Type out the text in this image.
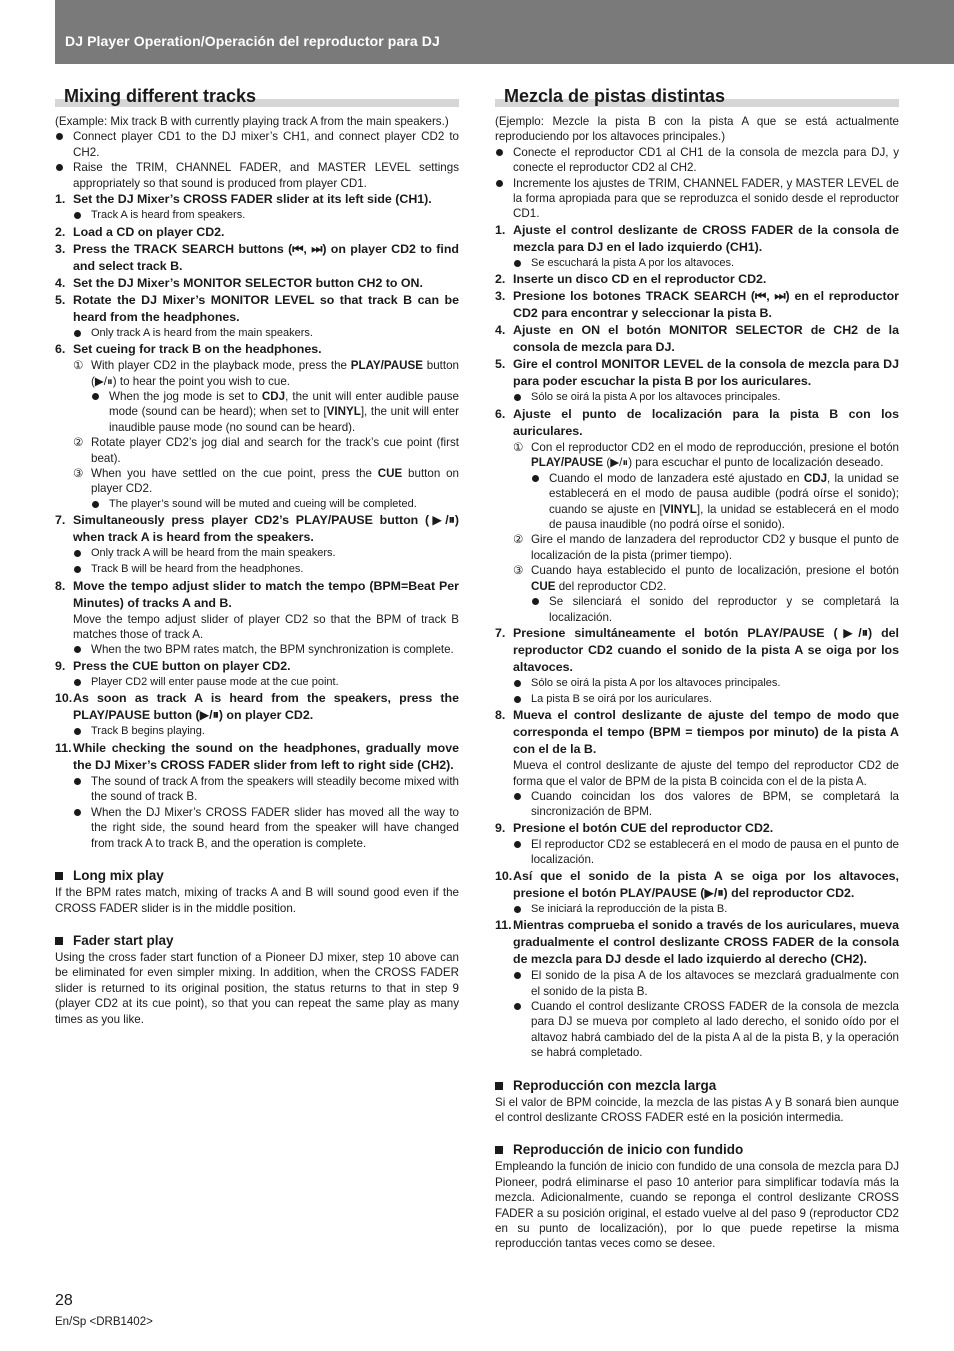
DJ Player Operation/Operación del reproductor para DJ
Mixing different tracks

(Example: Mix track B with currently playing track A from the main speakers.)

Connect player CD1 to the DJ mixer’s CH1, and connect player CD2 to CH2.

Raise the TRIM, CHANNEL FADER, and MASTER LEVEL settings appropriately so that sound is produced from player CD1.

1. Set the DJ Mixer’s CROSS FADER slider at its left side (CH1).

Track A is heard from speakers.

2. Load a CD on player CD2.
3. Press the TRACK SEARCH buttons (⏮, ⏭) on player CD2 to find and select track B.
4. Set the DJ Mixer’s MONITOR SELECTOR button CH2 to ON.
5. Rotate the DJ Mixer’s MONITOR LEVEL so that track B can be heard from the headphones.

Only track A is heard from the main speakers.

6. Set cueing for track B on the headphones.

① With player CD2 in the playback mode, press the PLAY/PAUSE button (▶/⏸) to hear the point you wish to cue.

When the jog mode is set to CDJ, the unit will enter audible pause mode (sound can be heard); when set to [VINYL], the unit will enter inaudible pause mode (no sound can be heard).

② Rotate player CD2’s jog dial and search for the track’s cue point (first beat).

③ When you have settled on the cue point, press the CUE button on player CD2.

The player’s sound will be muted and cueing will be completed.

7. Simultaneously press player CD2’s PLAY/PAUSE button (▶/⏸) when track A is heard from the speakers.

Only track A will be heard from the main speakers.

Track B will be heard from the headphones.

8. Move the tempo adjust slider to match the tempo (BPM=Beat Per Minutes) of tracks A and B.

Move the tempo adjust slider of player CD2 so that the BPM of track B matches those of track A.

When the two BPM rates match, the BPM synchronization is complete.

9. Press the CUE button on player CD2.

Player CD2 will enter pause mode at the cue point.

10. As soon as track A is heard from the speakers, press the PLAY/PAUSE button (▶/⏸) on player CD2.

Track B begins playing.

11. While checking the sound on the headphones, gradually move the DJ Mixer’s CROSS FADER slider from left to right side (CH2).

The sound of track A from the speakers will steadily become mixed with the sound of track B.

When the DJ Mixer’s CROSS FADER slider has moved all the way to the right side, the sound heard from the speaker will have changed from track A to track B, and the operation is complete.

Long mix play

If the BPM rates match, mixing of tracks A and B will sound good even if the CROSS FADER slider is in the middle position.

Fader start play

Using the cross fader start function of a Pioneer DJ mixer, step 10 above can be eliminated for even simpler mixing. In addition, when the CROSS FADER slider is returned to its original position, the status returns to that in step 9 (player CD2 at its cue point), so that you can repeat the same play as many times as you like.

Mezcla de pistas distintas

(Ejemplo: Mezcle la pista B con la pista A que se está actualmente reproduciendo por los altavoces principales.)

Conecte el reproductor CD1 al CH1 de la consola de mezcla para DJ, y conecte el reproductor CD2 al CH2.

Incremente los ajustes de TRIM, CHANNEL FADER, y MASTER LEVEL de la forma apropiada para que se reproduzca el sonido desde el reproductor CD1.

1. Ajuste el control deslizante de CROSS FADER de la consola de mezcla para DJ en el lado izquierdo (CH1).

Se escuchará la pista A por los altavoces.

2. Inserte un disco CD en el reproductor CD2.
3. Presione los botones TRACK SEARCH (⏮, ⏭) en el reproductor CD2 para encontrar y seleccionar la pista B.
4. Ajuste en ON el botón MONITOR SELECTOR de CH2 de la consola de mezcla para DJ.
5. Gire el control MONITOR LEVEL de la consola de mezcla para DJ para poder escuchar la pista B por los auriculares.

Sólo se oirá la pista A por los altavoces principales.

6. Ajuste el punto de localización para la pista B con los auriculares.

① Con el reproductor CD2 en el modo de reproducción, presione el botón PLAY/PAUSE (▶/⏸) para escuchar el punto de localización deseado.

Cuando el modo de lanzadera esté ajustado en CDJ, la unidad se establecerá en el modo de pausa audible (podrá oírse el sonido); cuando se ajuste en [VINYL], la unidad se establecerá en el modo de pausa inaudible (no podrá oírse el sonido).

② Gire el mando de lanzadera del reproductor CD2 y busque el punto de localización de la pista (primer tiempo).

③ Cuando haya establecido el punto de localización, presione el botón CUE del reproductor CD2.

Se silenciará el sonido del reproductor y se completará la localización.

7. Presione simultáneamente el botón PLAY/PAUSE (▶/⏸) del reproductor CD2 cuando el sonido de la pista A se oiga por los altavoces.

Sólo se oirá la pista A por los altavoces principales.

La pista B se oirá por los auriculares.

8. Mueva el control deslizante de ajuste del tempo de modo que corresponda el tempo (BPM = tiempos por minuto) de la pista A con el de la B.

Mueva el control deslizante de ajuste del tempo del reproductor CD2 de forma que el valor de BPM de la pista B coincida con el de la pista A.

Cuando coincidan los dos valores de BPM, se completará la sincronización de BPM.

9. Presione el botón CUE del reproductor CD2.

El reproductor CD2 se establecerá en el modo de pausa en el punto de localización.

10. Así que el sonido de la pista A se oiga por los altavoces, presione el botón PLAY/PAUSE (▶/⏸) del reproductor CD2.

Se iniciará la reproducción de la pista B.

11. Mientras comprueba el sonido a través de los auriculares, mueva gradualmente el control deslizante CROSS FADER de la consola de mezcla para DJ desde el lado izquierdo al derecho (CH2).

El sonido de la pisa A de los altavoces se mezclará gradualmente con el sonido de la pista B.

Cuando el control deslizante CROSS FADER de la consola de mezcla para DJ se mueva por completo al lado derecho, el sonido oído por el altavoz habrá cambiado del de la pista A al de la pista B, y la operación se habrá completado.

Reproducción con mezcla larga

Si el valor de BPM coincide, la mezcla de las pistas A y B sonará bien aunque el control deslizante CROSS FADER esté en la posición intermedia.

Reproducción de inicio con fundido

Empleando la función de inicio con fundido de una consola de mezcla para DJ Pioneer, podrá eliminarse el paso 10 anterior para simplificar todavía más la mezcla. Adicionalmente, cuando se reponga el control deslizante CROSS FADER a su posición original, el estado vuelve al del paso 9 (reproductor CD2 en su punto de localización), por lo que puede repetirse la misma reproducción tantas veces como se desee.

28
En/Sp <DRB1402>
